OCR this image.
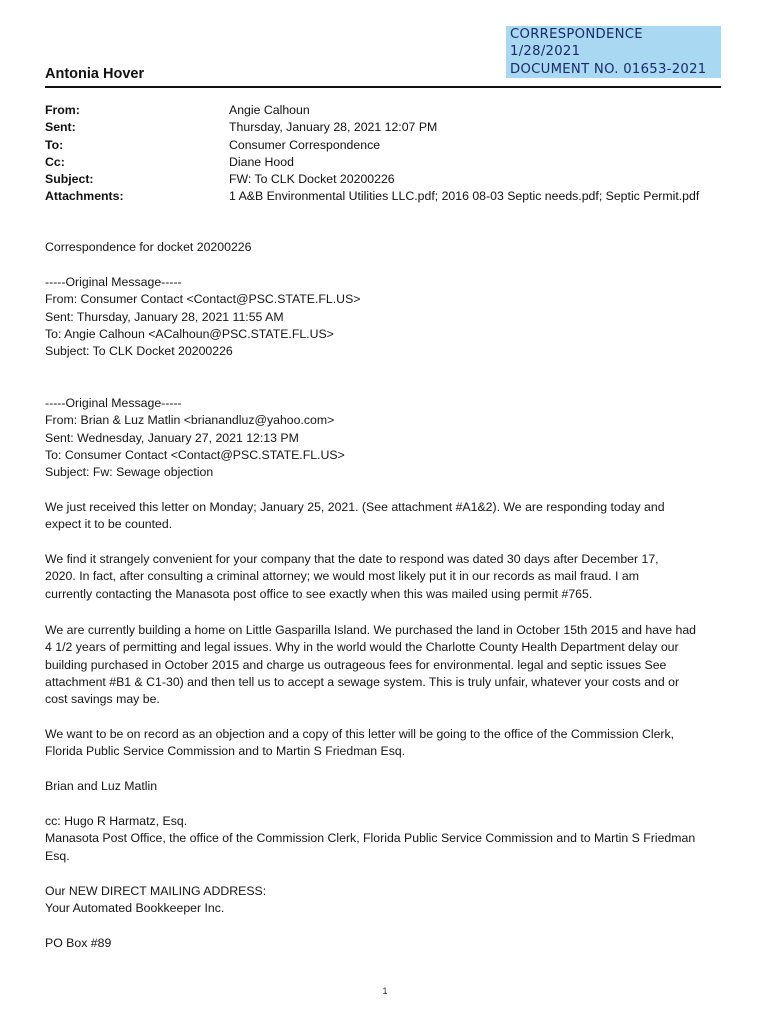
CORRESPONDENCE
1/28/2021
DOCUMENT NO. 01653-2021
Antonia Hover
From:	Angie Calhoun
Sent:	Thursday, January 28, 2021 12:07 PM
To:	Consumer Correspondence
Cc:	Diane Hood
Subject:	FW: To CLK Docket 20200226
Attachments:	1 A&B Environmental Utilities LLC.pdf; 2016 08-03 Septic needs.pdf; Septic Permit.pdf

Correspondence for docket 20200226

-----Original Message-----

From: Consumer Contact <Contact@PSC.STATE.FL.US>

Sent: Thursday, January 28, 2021 11:55 AM

To: Angie Calhoun <ACalhoun@PSC.STATE.FL.US>

Subject: To CLK Docket 20200226

-----Original Message-----

From: Brian & Luz Matlin <brianandluz@yahoo.com>

Sent: Wednesday, January 27, 2021 12:13 PM

To: Consumer Contact <Contact@PSC.STATE.FL.US>

Subject: Fw: Sewage objection

We just received this letter on Monday; January 25, 2021. (See attachment #A1&2). We are responding today and

expect it to be counted.

We find it strangely convenient for your company that the date to respond was dated 30 days after December 17,

2020. In fact, after consulting a criminal attorney; we would most likely put it in our records as mail fraud. I am

currently contacting the Manasota post office to see exactly when this was mailed using permit #765.

We are currently building a home on Little Gasparilla Island. We purchased the land in October 15th 2015 and have had

4 1/2 years of permitting and legal issues. Why in the world would the Charlotte County Health Department delay our

building purchased in October 2015 and charge us outrageous fees for environmental. legal and septic issues See

attachment #B1 & C1-30) and then tell us to accept a sewage system. This is truly unfair, whatever your costs and or

cost savings may be.

We want to be on record as an objection and a copy of this letter will be going to the office of the Commission Clerk,

Florida Public Service Commission and to Martin S Friedman Esq.

Brian and Luz Matlin

cc: Hugo R Harmatz, Esq.

Manasota Post Office, the office of the Commission Clerk, Florida Public Service Commission and to Martin S Friedman

Esq.

Our NEW DIRECT MAILING ADDRESS:

Your Automated Bookkeeper Inc.

PO Box #89

1
